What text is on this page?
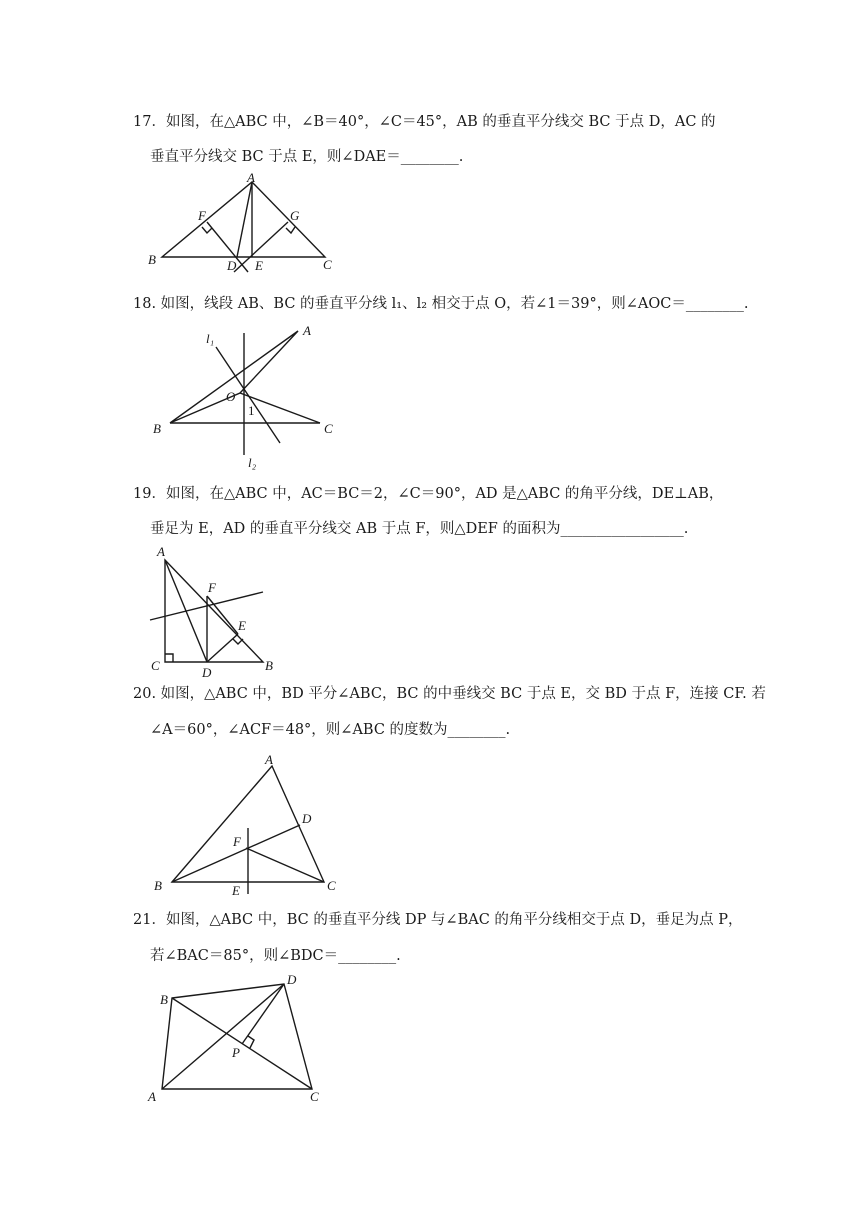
17．如图，在△ABC 中，∠B＝40°，∠C＝45°，AB 的垂直平分线交 BC 于点 D，AC 的
垂直平分线交 BC 于点 E，则∠DAE＝________.
A
B	C
D E
F	G
18. 如图，线段 AB、BC 的垂直平分线 l₁、l₂ 相交于点 O，若∠1＝39°，则∠AOC＝________.
A
B	C
O
1
l₁
l₂
19．如图，在△ABC 中，AC＝BC＝2，∠C＝90°，AD 是△ABC 的角平分线，DE⊥AB，
垂足为 E，AD 的垂直平分线交 AB 于点 F，则△DEF 的面积为_________________.
A
B
C	D
E
F
20. 如图，△ABC 中，BD 平分∠ABC，BC 的中垂线交 BC 于点 E，交 BD 于点 F，连接 CF. 若
∠A＝60°，∠ACF＝48°，则∠ABC 的度数为________.
A
B	C
D
E
F
21．如图，△ABC 中，BC 的垂直平分线 DP 与∠BAC 的角平分线相交于点 D，垂足为点 P，
若∠BAC＝85°，则∠BDC＝________.
B
D
P
A	C
